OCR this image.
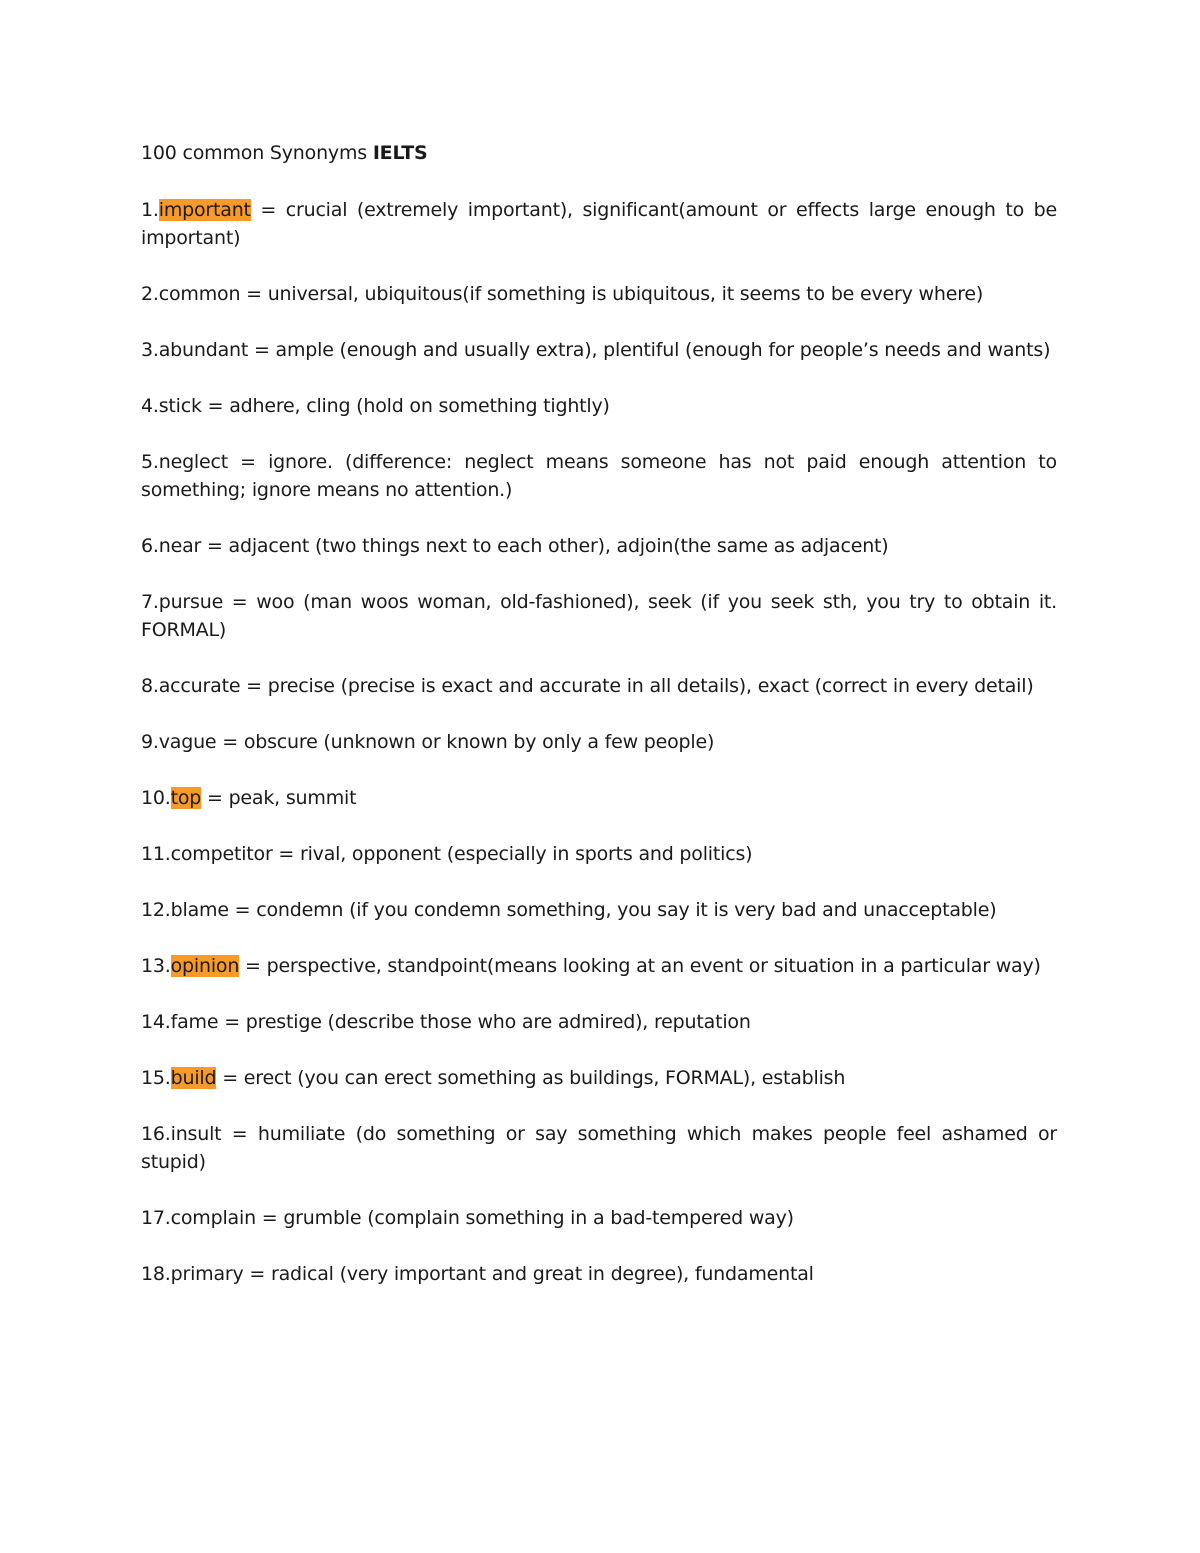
100 common Synonyms IELTS

1.important = crucial (extremely important), significant(amount or effects large enough to be important)

2.common = universal, ubiquitous(if something is ubiquitous, it seems to be every where)

3.abundant = ample (enough and usually extra), plentiful (enough for people’s needs and wants)

4.stick = adhere, cling (hold on something tightly)

5.neglect = ignore. (difference: neglect means someone has not paid enough attention to something; ignore means no attention.)

6.near = adjacent (two things next to each other), adjoin(the same as adjacent)

7.pursue = woo (man woos woman, old-fashioned), seek (if you seek sth, you try to obtain it. FORMAL)

8.accurate = precise (precise is exact and accurate in all details), exact (correct in every detail)

9.vague = obscure (unknown or known by only a few people)

10.top = peak, summit

11.competitor = rival, opponent (especially in sports and politics)

12.blame = condemn (if you condemn something, you say it is very bad and unacceptable)

13.opinion = perspective, standpoint(means looking at an event or situation in a particular way)

14.fame = prestige (describe those who are admired), reputation

15.build = erect (you can erect something as buildings, FORMAL), establish

16.insult = humiliate (do something or say something which makes people feel ashamed or stupid)

17.complain = grumble (complain something in a bad-tempered way)

18.primary = radical (very important and great in degree), fundamental
